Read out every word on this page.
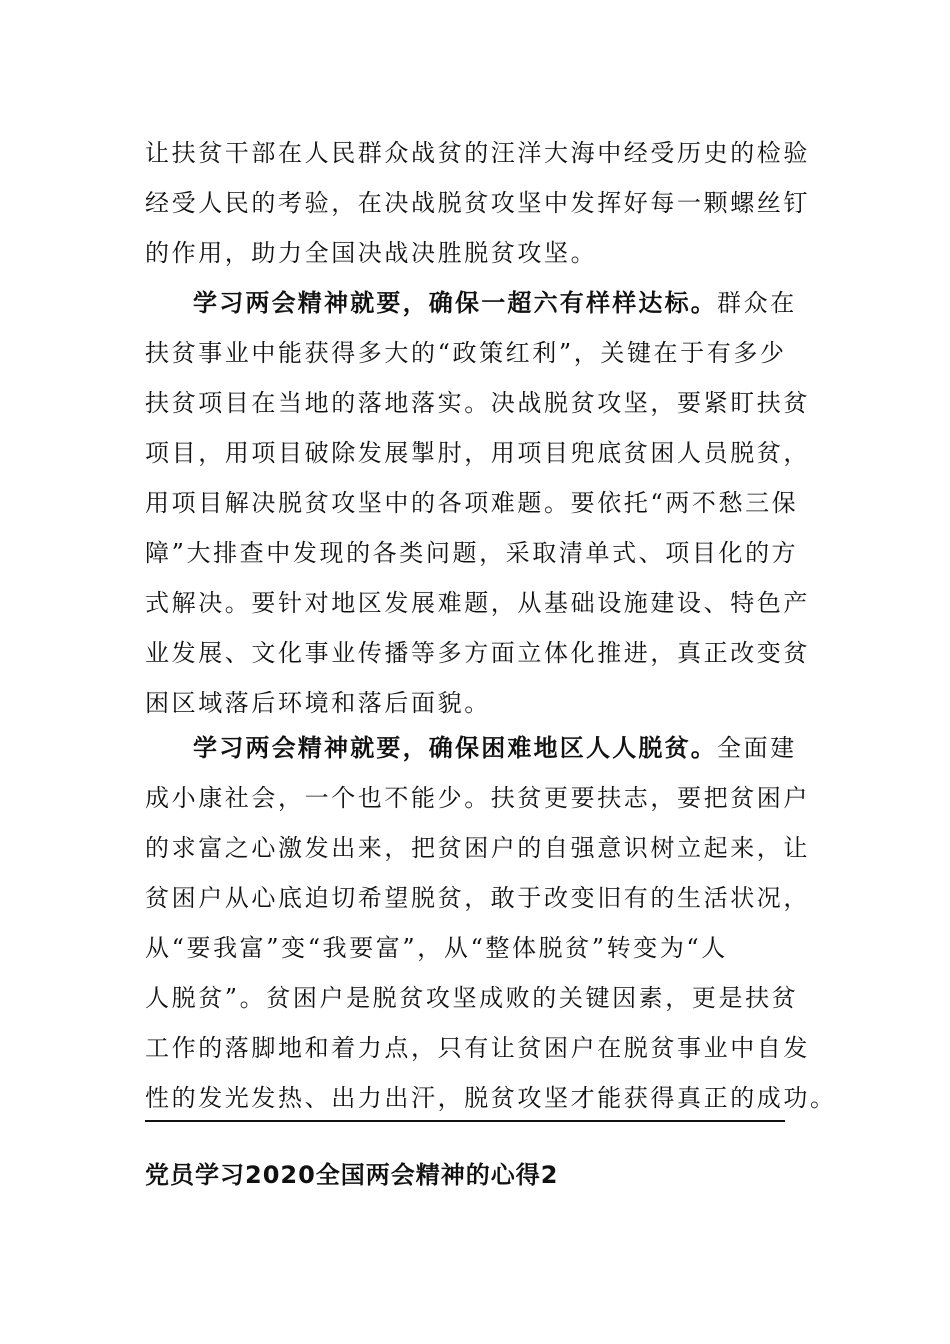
让扶贫干部在人民群众战贫的汪洋大海中经受历史的检验
经受人民的考验，在决战脱贫攻坚中发挥好每一颗螺丝钉
的作用，助力全国决战决胜脱贫攻坚。
学习两会精神就要，确保一超六有样样达标。群众在
扶贫事业中能获得多大的“政策红利”，关键在于有多少
扶贫项目在当地的落地落实。决战脱贫攻坚，要紧盯扶贫
项目，用项目破除发展掣肘，用项目兜底贫困人员脱贫，
用项目解决脱贫攻坚中的各项难题。要依托“两不愁三保
障”大排查中发现的各类问题，采取清单式、项目化的方
式解决。要针对地区发展难题，从基础设施建设、特色产
业发展、文化事业传播等多方面立体化推进，真正改变贫
困区域落后环境和落后面貌。
学习两会精神就要，确保困难地区人人脱贫。全面建
成小康社会，一个也不能少。扶贫更要扶志，要把贫困户
的求富之心激发出来，把贫困户的自强意识树立起来，让
贫困户从心底迫切希望脱贫，敢于改变旧有的生活状况，
从“要我富”变“我要富”，从“整体脱贫”转变为“人
人脱贫”。贫困户是脱贫攻坚成败的关键因素，更是扶贫
工作的落脚地和着力点，只有让贫困户在脱贫事业中自发
性的发光发热、出力出汗，脱贫攻坚才能获得真正的成功。
党员学习2020全国两会精神的心得2
